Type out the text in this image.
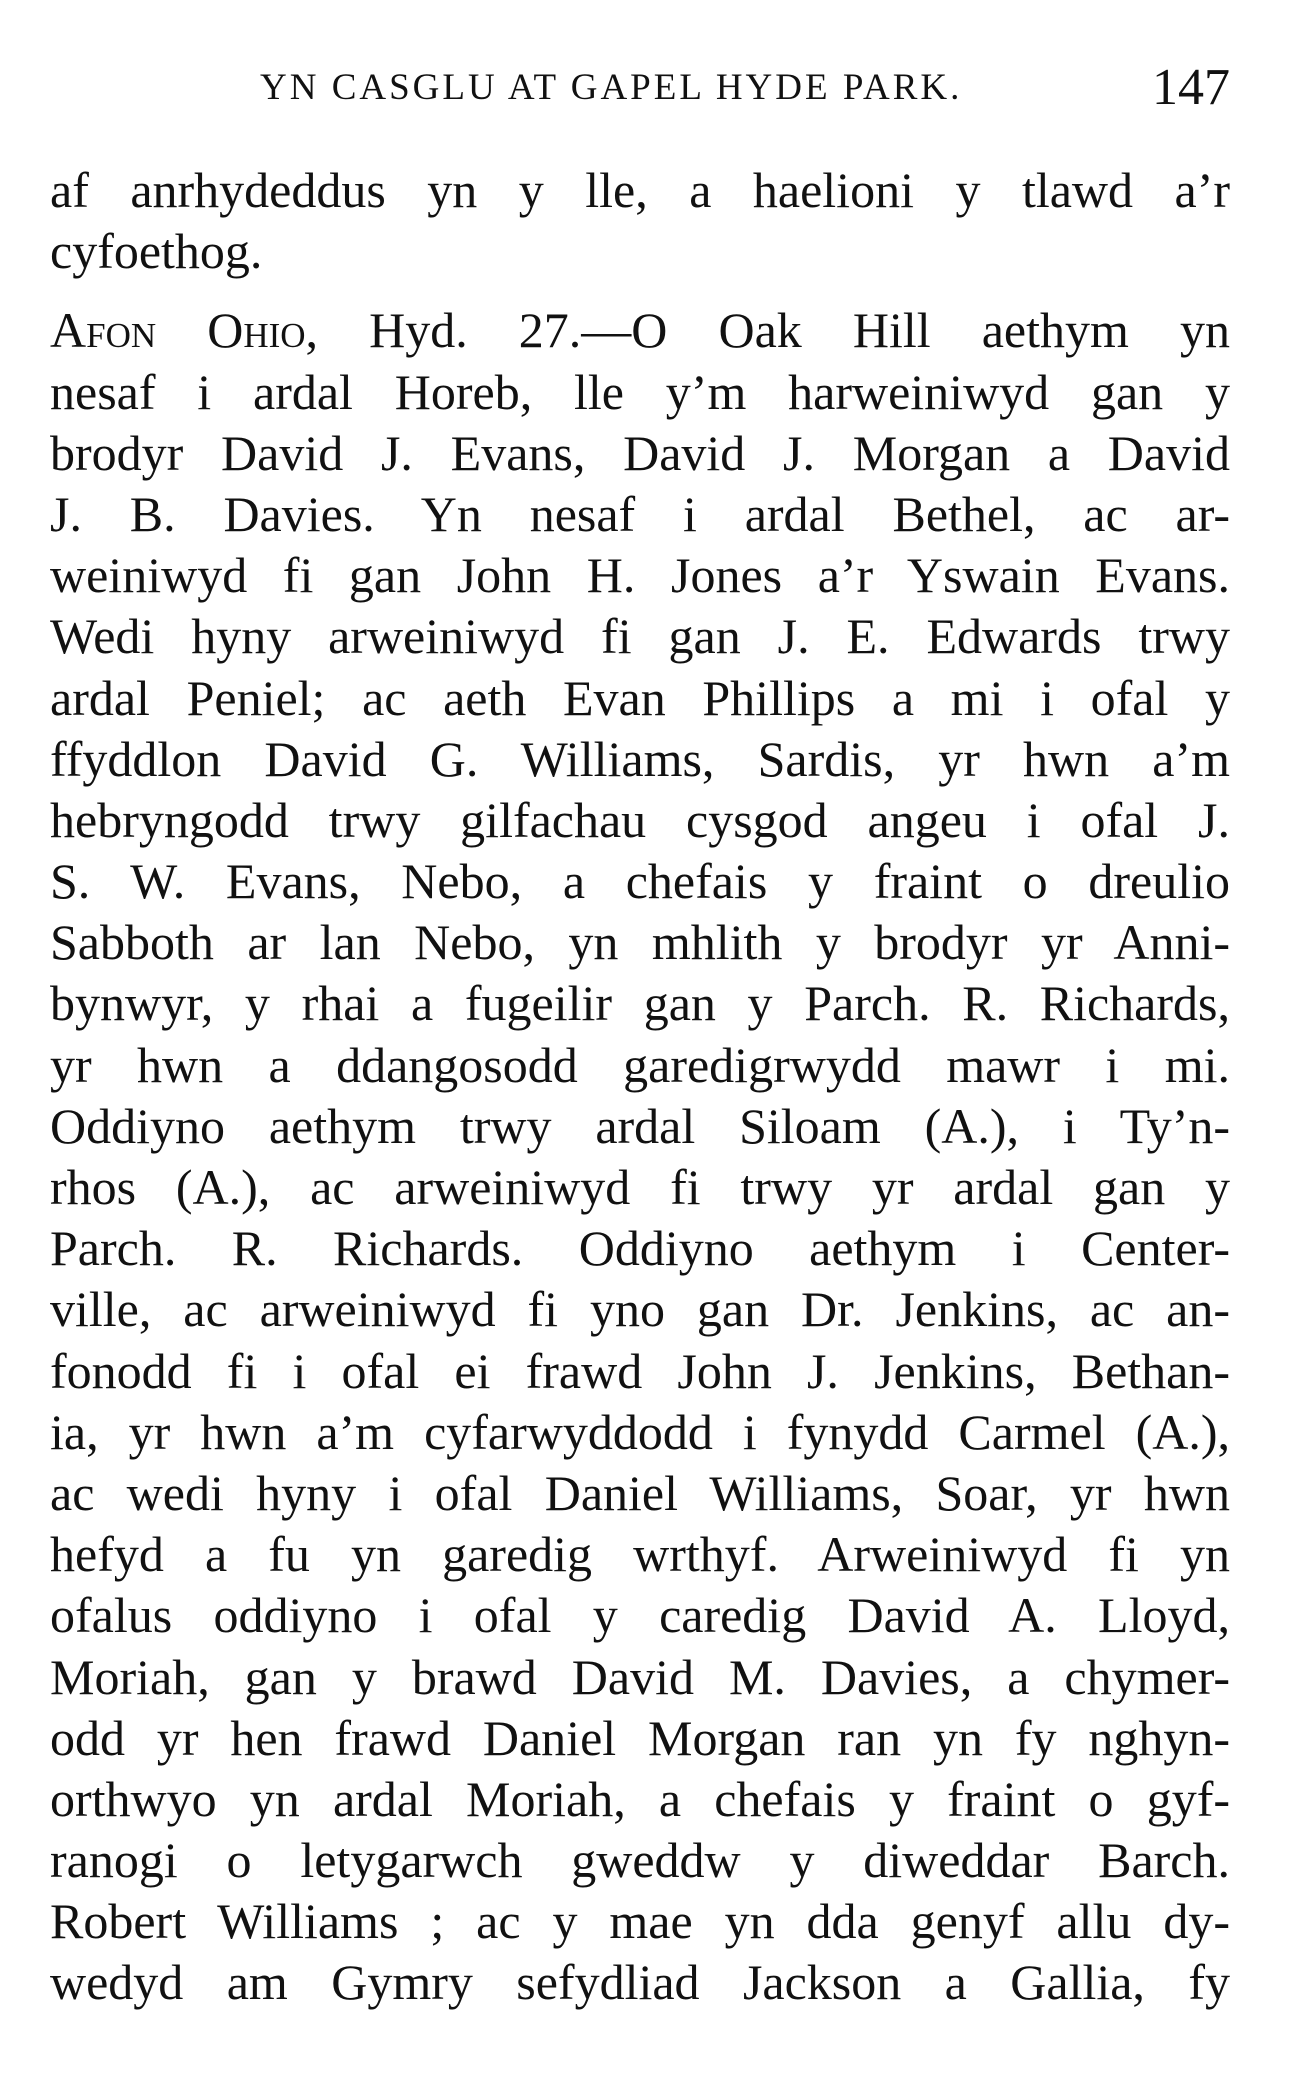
YN CASGLU AT GAPEL HYDE PARK.	147
af anrhydeddus yn y lle, a haelioni y tlawd a’r
cyfoethog.
Afon Ohio, Hyd. 27.—O Oak Hill aethym yn
nesaf i ardal Horeb, lle y’m harweiniwyd gan y
brodyr David J. Evans, David J. Morgan a David
J. B. Davies. Yn nesaf i ardal Bethel, ac ar-
weiniwyd fi gan John H. Jones a’r Yswain Evans.
Wedi hyny arweiniwyd fi gan J. E. Edwards trwy
ardal Peniel; ac aeth Evan Phillips a mi i ofal y
ffyddlon David G. Williams, Sardis, yr hwn a’m
hebryngodd trwy gilfachau cysgod angeu i ofal J.
S. W. Evans, Nebo, a chefais y fraint o dreulio
Sabboth ar lan Nebo, yn mhlith y brodyr yr Anni-
bynwyr, y rhai a fugeilir gan y Parch. R. Richards,
yr hwn a ddangosodd garedigrwydd mawr i mi.
Oddiyno aethym trwy ardal Siloam (A.), i Ty’n-
rhos (A.), ac arweiniwyd fi trwy yr ardal gan y
Parch. R. Richards. Oddiyno aethym i Center-
ville, ac arweiniwyd fi yno gan Dr. Jenkins, ac an-
fonodd fi i ofal ei frawd John J. Jenkins, Bethan-
ia, yr hwn a’m cyfarwyddodd i fynydd Carmel (A.),
ac wedi hyny i ofal Daniel Williams, Soar, yr hwn
hefyd a fu yn garedig wrthyf. Arweiniwyd fi yn
ofalus oddiyno i ofal y caredig David A. Lloyd,
Moriah, gan y brawd David M. Davies, a chymer-
odd yr hen frawd Daniel Morgan ran yn fy nghyn-
orthwyo yn ardal Moriah, a chefais y fraint o gyf-
ranogi o letygarwch gweddw y diweddar Barch.
Robert Williams ; ac y mae yn dda genyf allu dy-
wedyd am Gymry sefydliad Jackson a Gallia, fy
